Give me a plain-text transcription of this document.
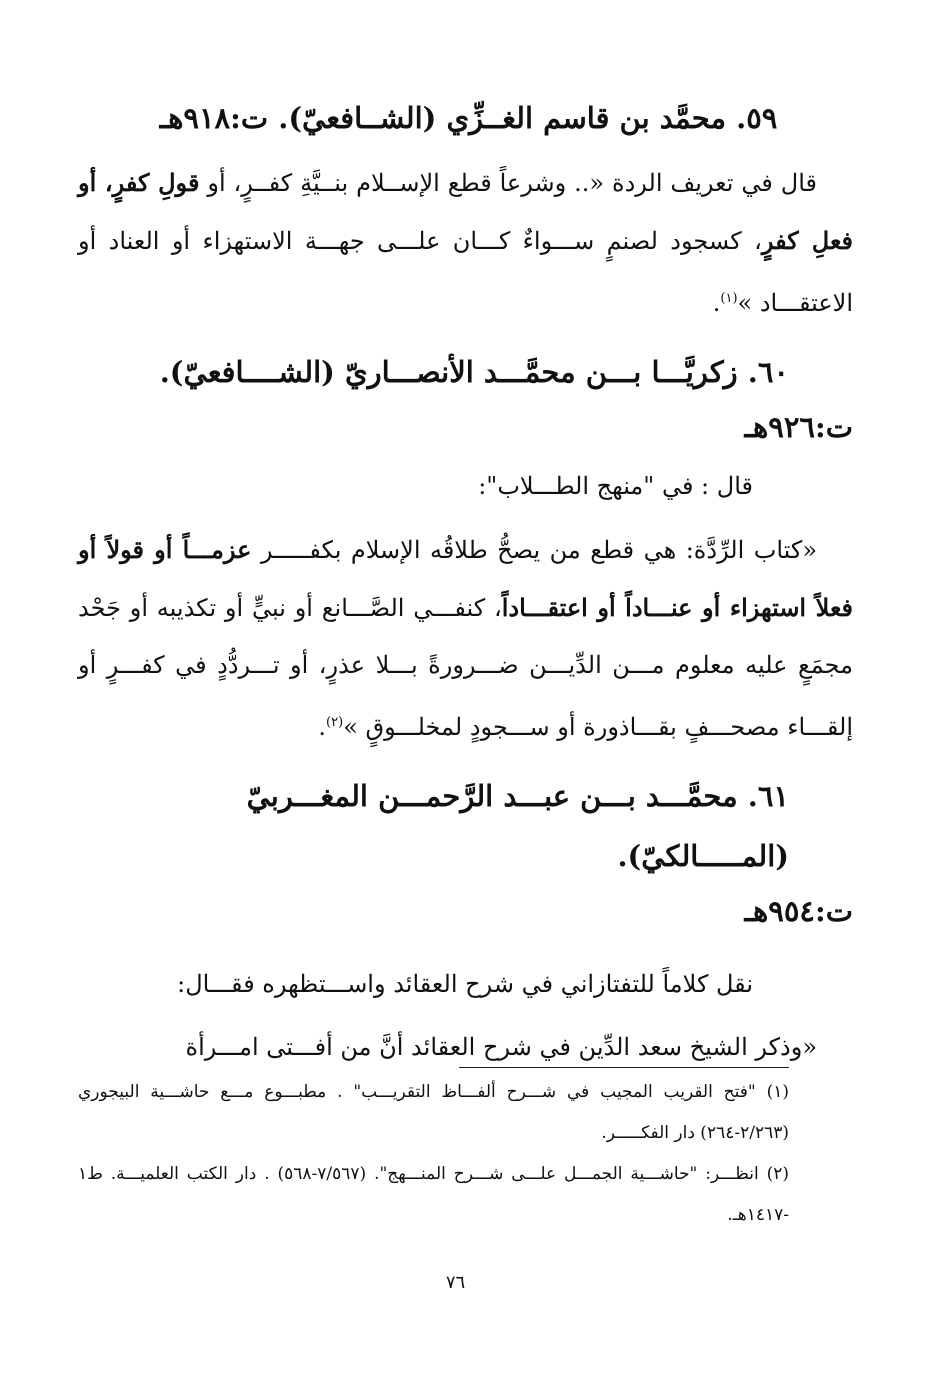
٥٩. محمَّد بن قاسم الغــزِّي (الشــافعيّ). ت:٩١٨هـ

قال في تعريف الردة «.. وشرعاً قطع الإســلام بنــيَّةِ كفــرٍ، أو قولِ كفرٍ، أو فعلِ كفرٍ، كسجود لصنمٍ ســـواءٌ كـــان علـــى جهـــة الاستهزاء أو العناد أو الاعتقـــاد »$^{(١)}$.

٦٠. زكريَّـــا بـــن محمَّـــد الأنصـــاريّ (الشــــافعيّ).
ت:٩٢٦هـ

قال : في "منهج الطـــلاب":

«كتاب الرِّدَّة: هي قطع من يصحُّ طلاقُه الإسلام بكفـــــر عزمـــاً أو قولاً أو فعلاً استهزاء أو عنـــاداً أو اعتقـــاداً، كنفـــي الصَّـــانع أو نبيٍّ أو تكذيبه أو جَحْد مجمَعٍ عليه معلوم مـــن الدِّيـــن ضـــرورةً بـــلا عذرٍ، أو تـــردُّدٍ في كفـــرٍ أو إلقـــاء مصحـــفٍ بقـــاذورة أو ســـجودٍ لمخلـــوقٍ »$^{(٢)}$.

٦١. محمَّـــد بـــن عبـــد الرَّحمـــن المغـــربيّ (المـــــالكيّ).
ت:٩٥٤هـ

نقل كلاماً للتفتازاني في شرح العقائد واســـتظهره فقـــال:

«وذكر الشيخ سعد الدِّين في شرح العقائد أنَّ من أفـــتى امـــرأة

(١) "فتح القريب المجيب في شـــرح ألفـــاظ التقريـــب" . مطبـــوع مـــع حاشـــية البيجوري (٢/٢٦٣-٢٦٤) دار الفكـــــر.

(٢) انظـــر: "حاشـــية الجمـــل علـــى شـــرح المنـــهج". (٧/٥٦٧-٥٦٨) . دار الكتب العلميـــة. ط١ -١٤١٧هـ.

٧٦
